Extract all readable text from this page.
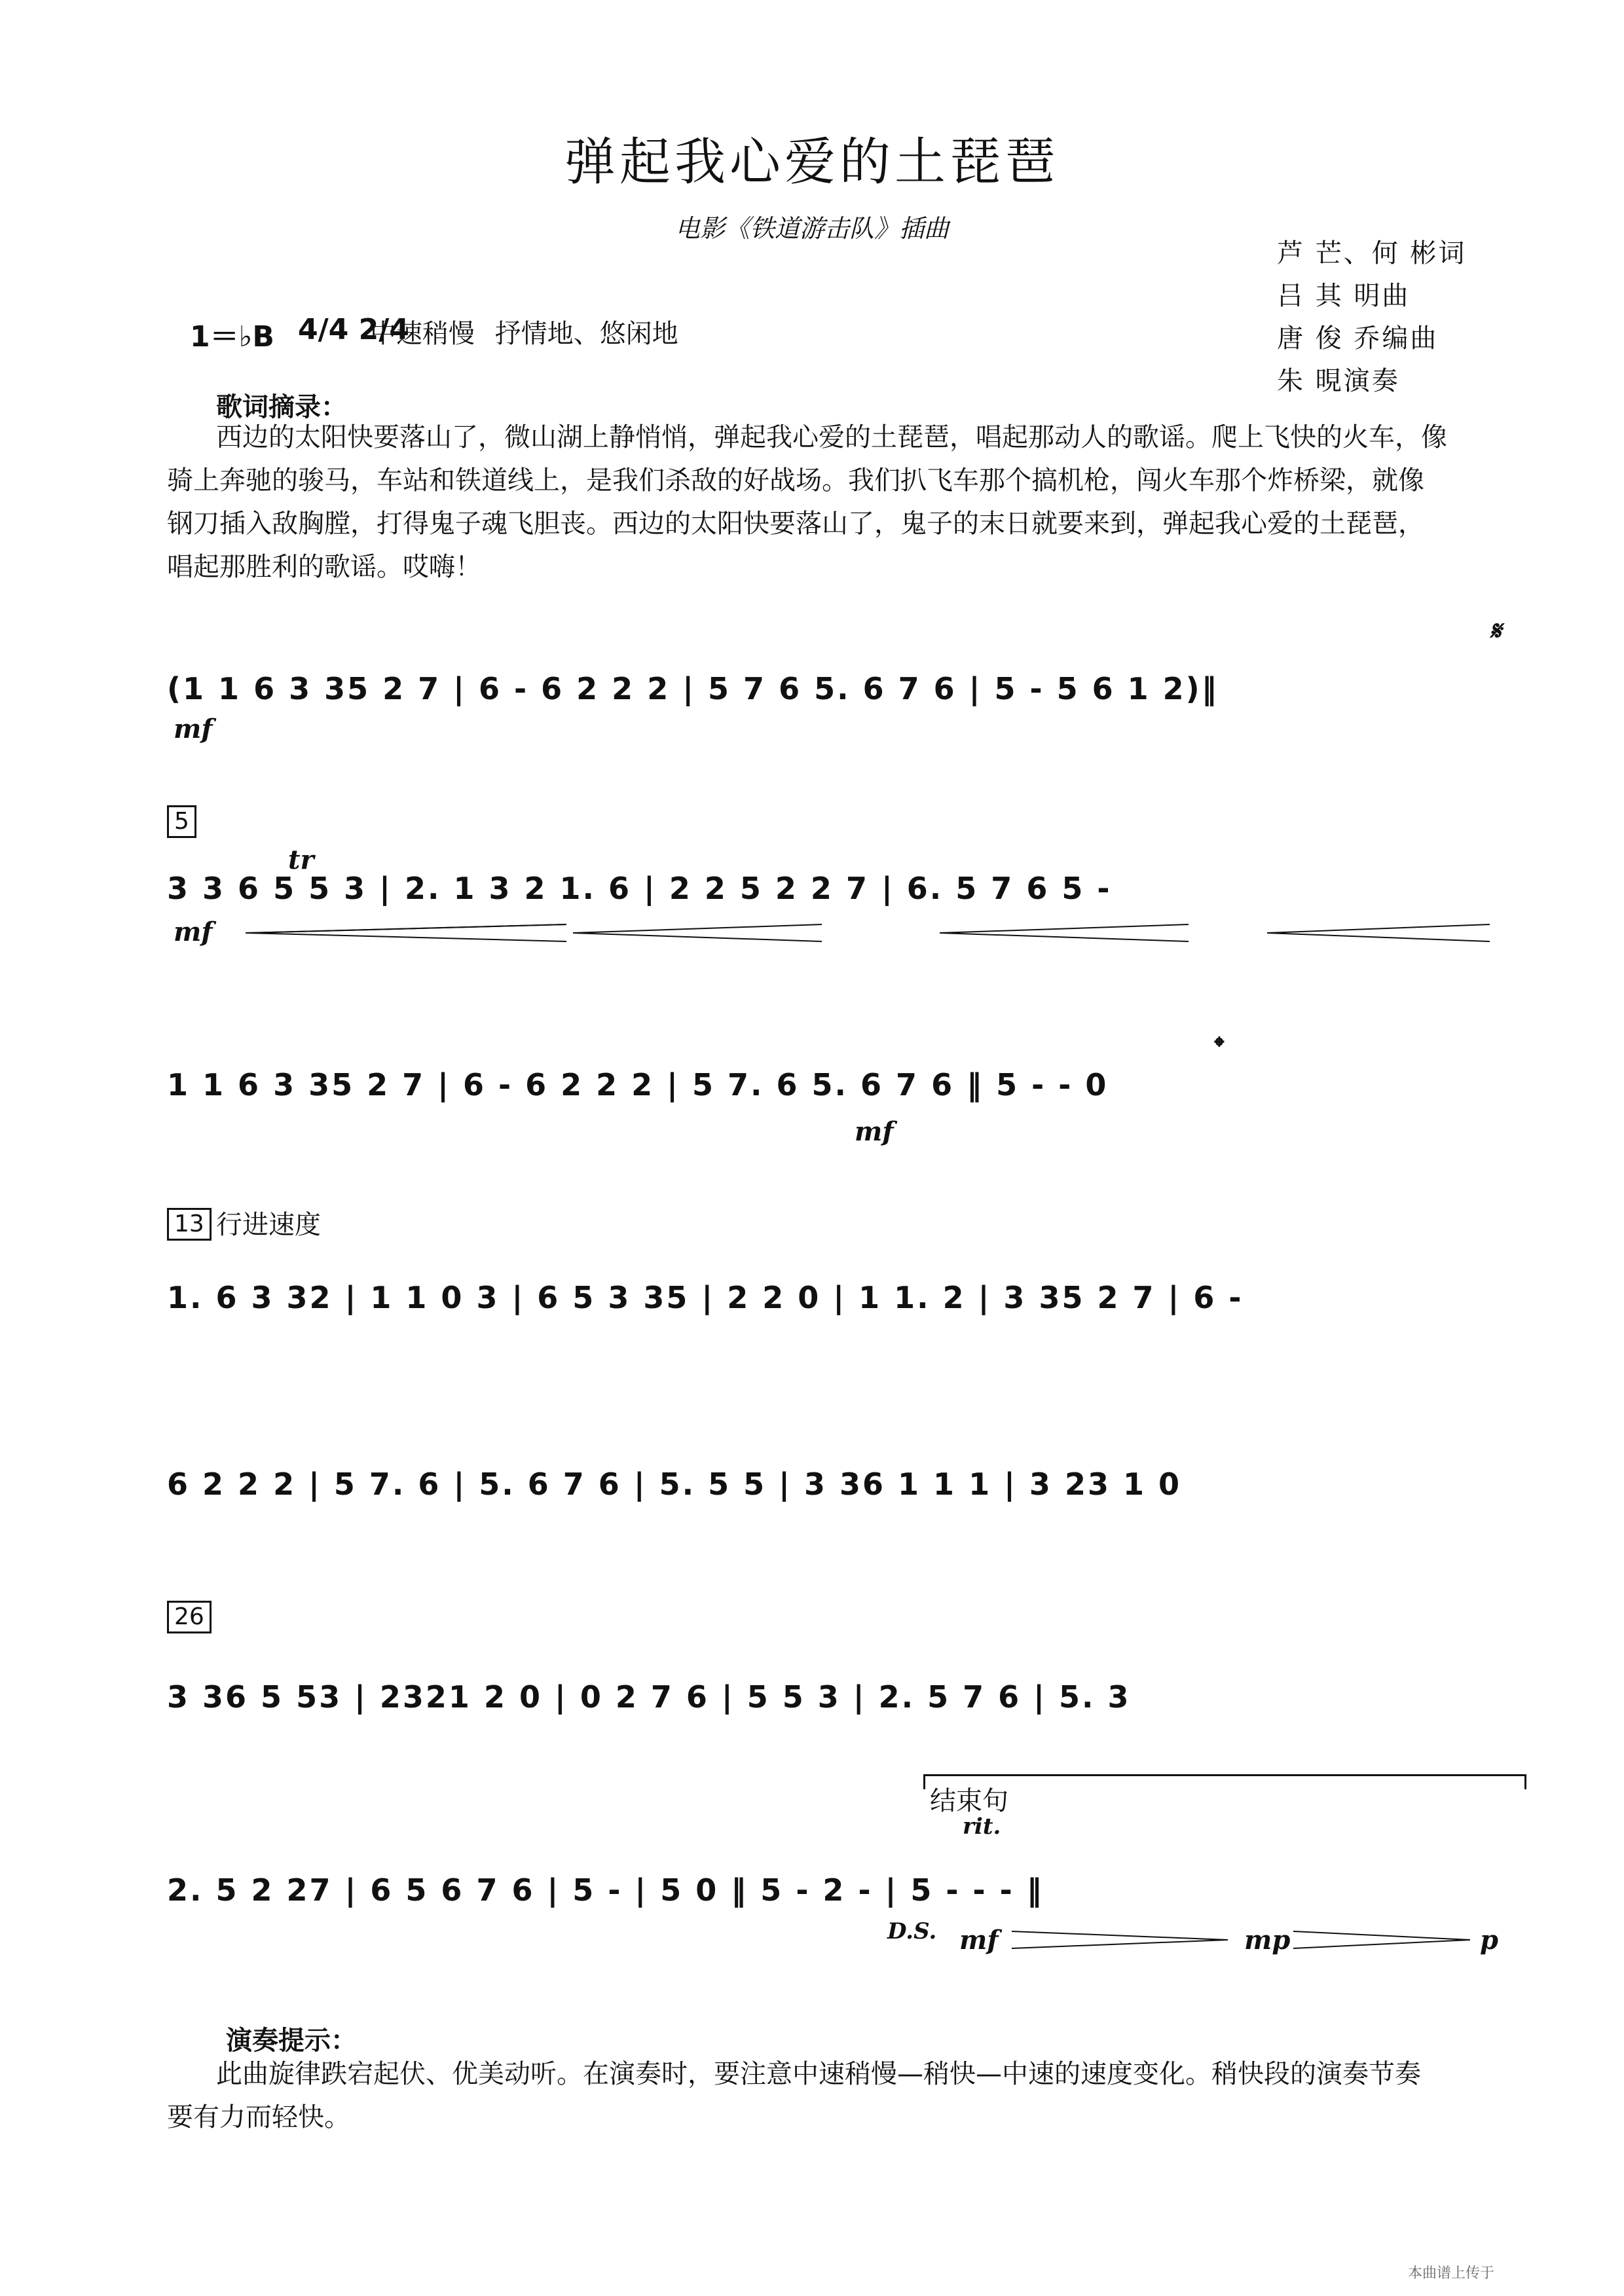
弹起我心爱的土琵琶
电影《铁道游击队》插曲
芦 芒、何 彬词
吕 其 明曲
唐 俊 乔编曲
朱 晛演奏
1＝♭B 4/4 2/4
中速稍慢 抒情地、悠闲地
歌词摘录：
西边的太阳快要落山了，微山湖上静悄悄，弹起我心爱的土琵琶，唱起那动人的歌谣。爬上飞快的火车，像
骑上奔驰的骏马，车站和铁道线上，是我们杀敌的好战场。我们扒飞车那个搞机枪，闯火车那个炸桥梁，就像
钢刀插入敌胸膛，打得鬼子魂飞胆丧。西边的太阳快要落山了，鬼子的末日就要来到，弹起我心爱的土琵琶，
唱起那胜利的歌谣。哎嗨！
𝄋
(1 1 6 3 35 2 7 | 6 - 6 2 2 2 | 5 7 6 5. 6 7 6 | 5 - 5 6 1 2)‖
mf
5
tr
3 3 6 5 5 3 | 2. 1 3 2 1. 6 | 2 2 5 2 2 7 | 6. 5 7 6 5 -
mf
𝄌
1 1 6 3 35 2 7 | 6 - 6 2 2 2 | 5 7. 6 5. 6 7 6 ‖ 5 - - 0
mf
13 行进速度
1. 6 3 32 | 1 1 0 3 | 6 5 3 35 | 2 2 0 | 1 1. 2 | 3 35 2 7 | 6 -
6 2 2 2 | 5 7. 6 | 5. 6 7 6 | 5. 5 5 | 3 36 1 1 1 | 3 23 1 0
26
3 36 5 53 | 2321 2 0 | 0 2 7 6 | 5 5 3 | 2. 5 7 6 | 5. 3
结束句
rit.
2. 5 2 27 | 6 5 6 7 6 | 5 - | 5 0 ‖ 5 - 2 - | 5 - - - ‖
D.S. mf	mp	p
演奏提示：
此曲旋律跌宕起伏、优美动听。在演奏时，要注意中速稍慢—稍快—中速的速度变化。稍快段的演奏节奏
要有力而轻快。
本曲谱上传于
